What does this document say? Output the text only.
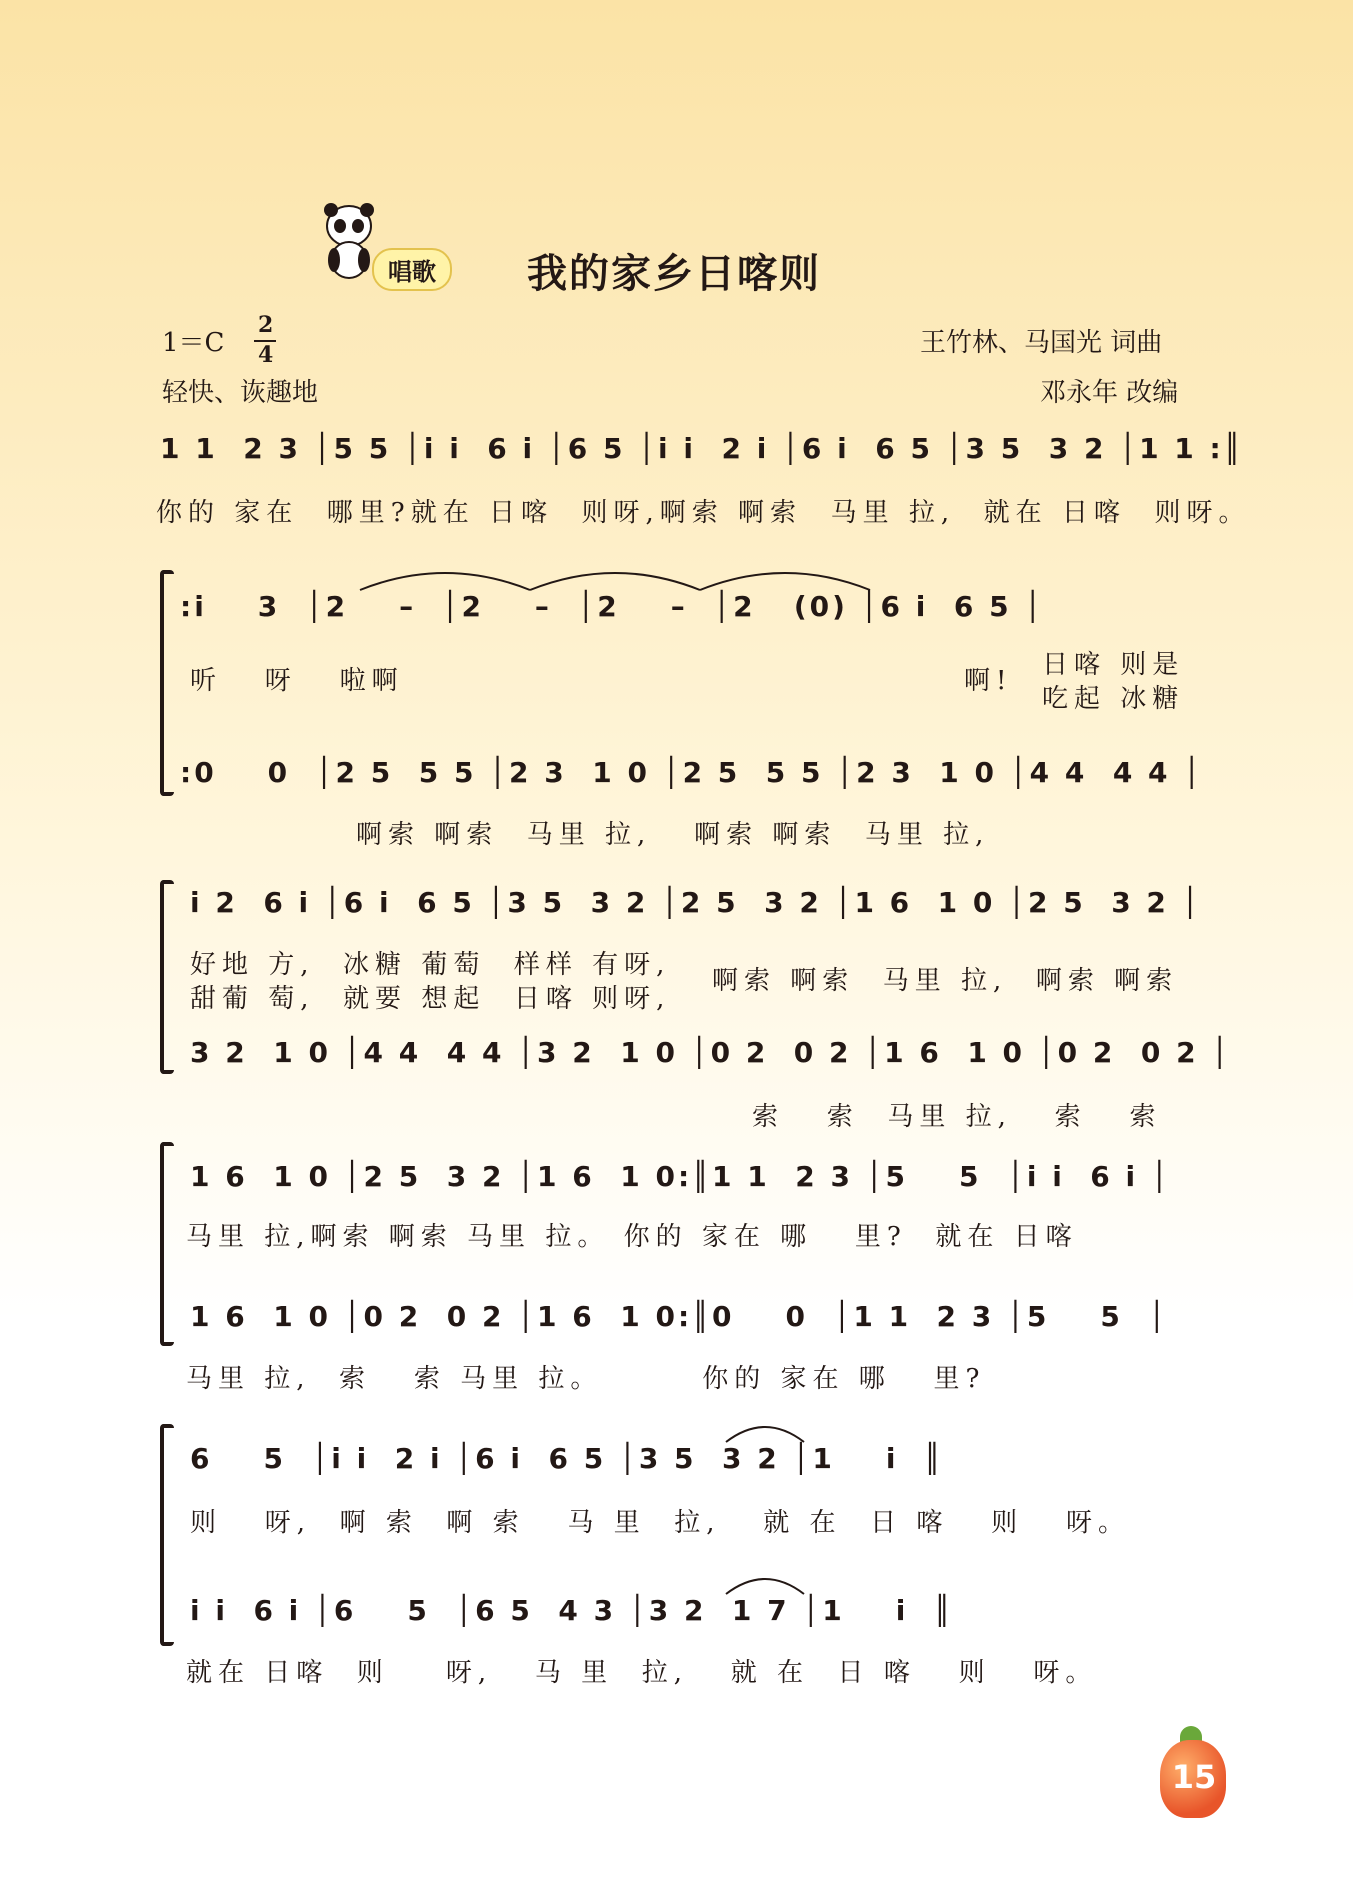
唱歌	我的家乡日喀则
1＝C
2
4
轻快、诙趣地
王竹林、马国光 词曲
邓永年 改编
1 1  2 3 │5 5 │i i  6 i │6 5 │i i  2 i │6 i  6 5 │3 5  3 2 │1 1 :║
你的 家在  哪里?就在 日喀  则呀,啊索 啊索  马里 拉,  就在 日喀  则呀。
:i    3  │2    –  │2    –  │2    –  │2   (0) │6 i  6 5 │
听   呀   啦啊	啊!
日喀 则是
吃起 冰糖
:0    0  │2 5  5 5 │2 3  1 0 │2 5  5 5 │2 3  1 0 │4 4  4 4 │
啊索 啊索  马里 拉,   啊索 啊索  马里 拉,
i 2  6 i │6 i  6 5 │3 5  3 2 │2 5  3 2 │1 6  1 0 │2 5  3 2 │
好地 方,  冰糖 葡萄  样样 有呀,
甜葡 萄,  就要 想起  日喀 则呀,
啊索 啊索  马里 拉,  啊索 啊索
3 2  1 0 │4 4  4 4 │3 2  1 0 │0 2  0 2 │1 6  1 0 │0 2  0 2 │
索   索  马里 拉,   索   索
1 6  1 0 │2 5  3 2 │1 6  1 0:║1 1  2 3 │5    5  │i i  6 i │
马里 拉,啊索 啊索 马里 拉。 你的 家在 哪   里?  就在 日喀
1 6  1 0 │0 2  0 2 │1 6  1 0:║0    0  │1 1  2 3 │5    5  │
马里 拉,  索   索 马里 拉。       你的 家在 哪   里?
6    5  │i i  2 i │6 i  6 5 │3 5  3 2 │1    i  ║
则   呀,  啊 索  啊 索   马 里  拉,   就 在  日 喀   则   呀。
i i  6 i │6    5  │6 5  4 3 │3 2  1 7 │1    i  ║
就在 日喀  则    呀,   马 里  拉,   就 在  日 喀   则   呀。
15
